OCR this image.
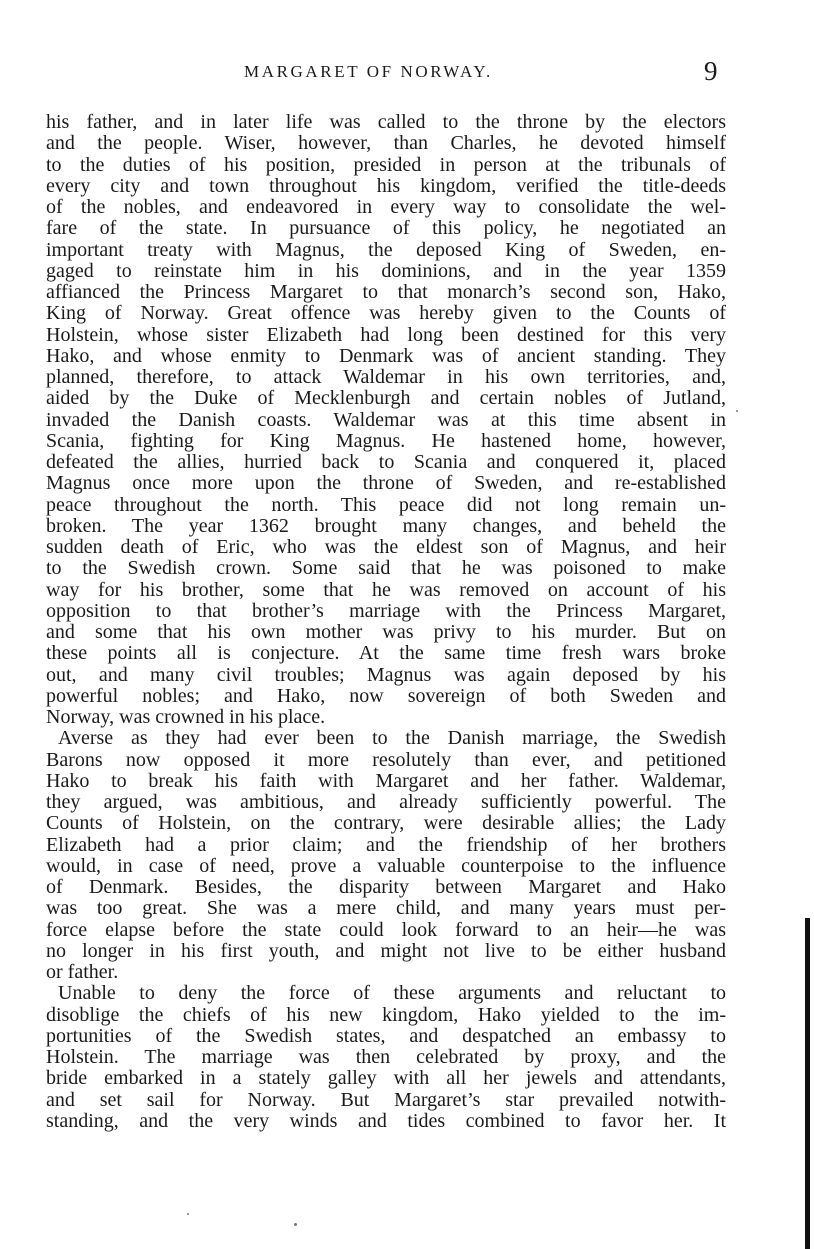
MARGARET OF NORWAY.	9
his father, and in later life was called to the throne by the electors
and the people. Wiser, however, than Charles, he devoted himself
to the duties of his position, presided in person at the tribunals of
every city and town throughout his kingdom, verified the title-deeds
of the nobles, and endeavored in every way to consolidate the wel-
fare of the state. In pursuance of this policy, he negotiated an
important treaty with Magnus, the deposed King of Sweden, en-
gaged to reinstate him in his dominions, and in the year 1359
affianced the Princess Margaret to that monarch’s second son, Hako,
King of Norway. Great offence was hereby given to the Counts of
Holstein, whose sister Elizabeth had long been destined for this very
Hako, and whose enmity to Denmark was of ancient standing. They
planned, therefore, to attack Waldemar in his own territories, and,
aided by the Duke of Mecklenburgh and certain nobles of Jutland,
invaded the Danish coasts. Waldemar was at this time absent in
Scania, fighting for King Magnus. He hastened home, however,
defeated the allies, hurried back to Scania and conquered it, placed
Magnus once more upon the throne of Sweden, and re-established
peace throughout the north. This peace did not long remain un-
broken. The year 1362 brought many changes, and beheld the
sudden death of Eric, who was the eldest son of Magnus, and heir
to the Swedish crown. Some said that he was poisoned to make
way for his brother, some that he was removed on account of his
opposition to that brother’s marriage with the Princess Margaret,
and some that his own mother was privy to his murder. But on
these points all is conjecture. At the same time fresh wars broke
out, and many civil troubles; Magnus was again deposed by his
powerful nobles; and Hako, now sovereign of both Sweden and
Norway, was crowned in his place.
Averse as they had ever been to the Danish marriage, the Swedish
Barons now opposed it more resolutely than ever, and petitioned
Hako to break his faith with Margaret and her father. Waldemar,
they argued, was ambitious, and already sufficiently powerful. The
Counts of Holstein, on the contrary, were desirable allies; the Lady
Elizabeth had a prior claim; and the friendship of her brothers
would, in case of need, prove a valuable counterpoise to the influence
of Denmark. Besides, the disparity between Margaret and Hako
was too great. She was a mere child, and many years must per-
force elapse before the state could look forward to an heir—he was
no longer in his first youth, and might not live to be either husband
or father.
Unable to deny the force of these arguments and reluctant to
disoblige the chiefs of his new kingdom, Hako yielded to the im-
portunities of the Swedish states, and despatched an embassy to
Holstein. The marriage was then celebrated by proxy, and the
bride embarked in a stately galley with all her jewels and attendants,
and set sail for Norway. But Margaret’s star prevailed notwith-
standing, and the very winds and tides combined to favor her. It
